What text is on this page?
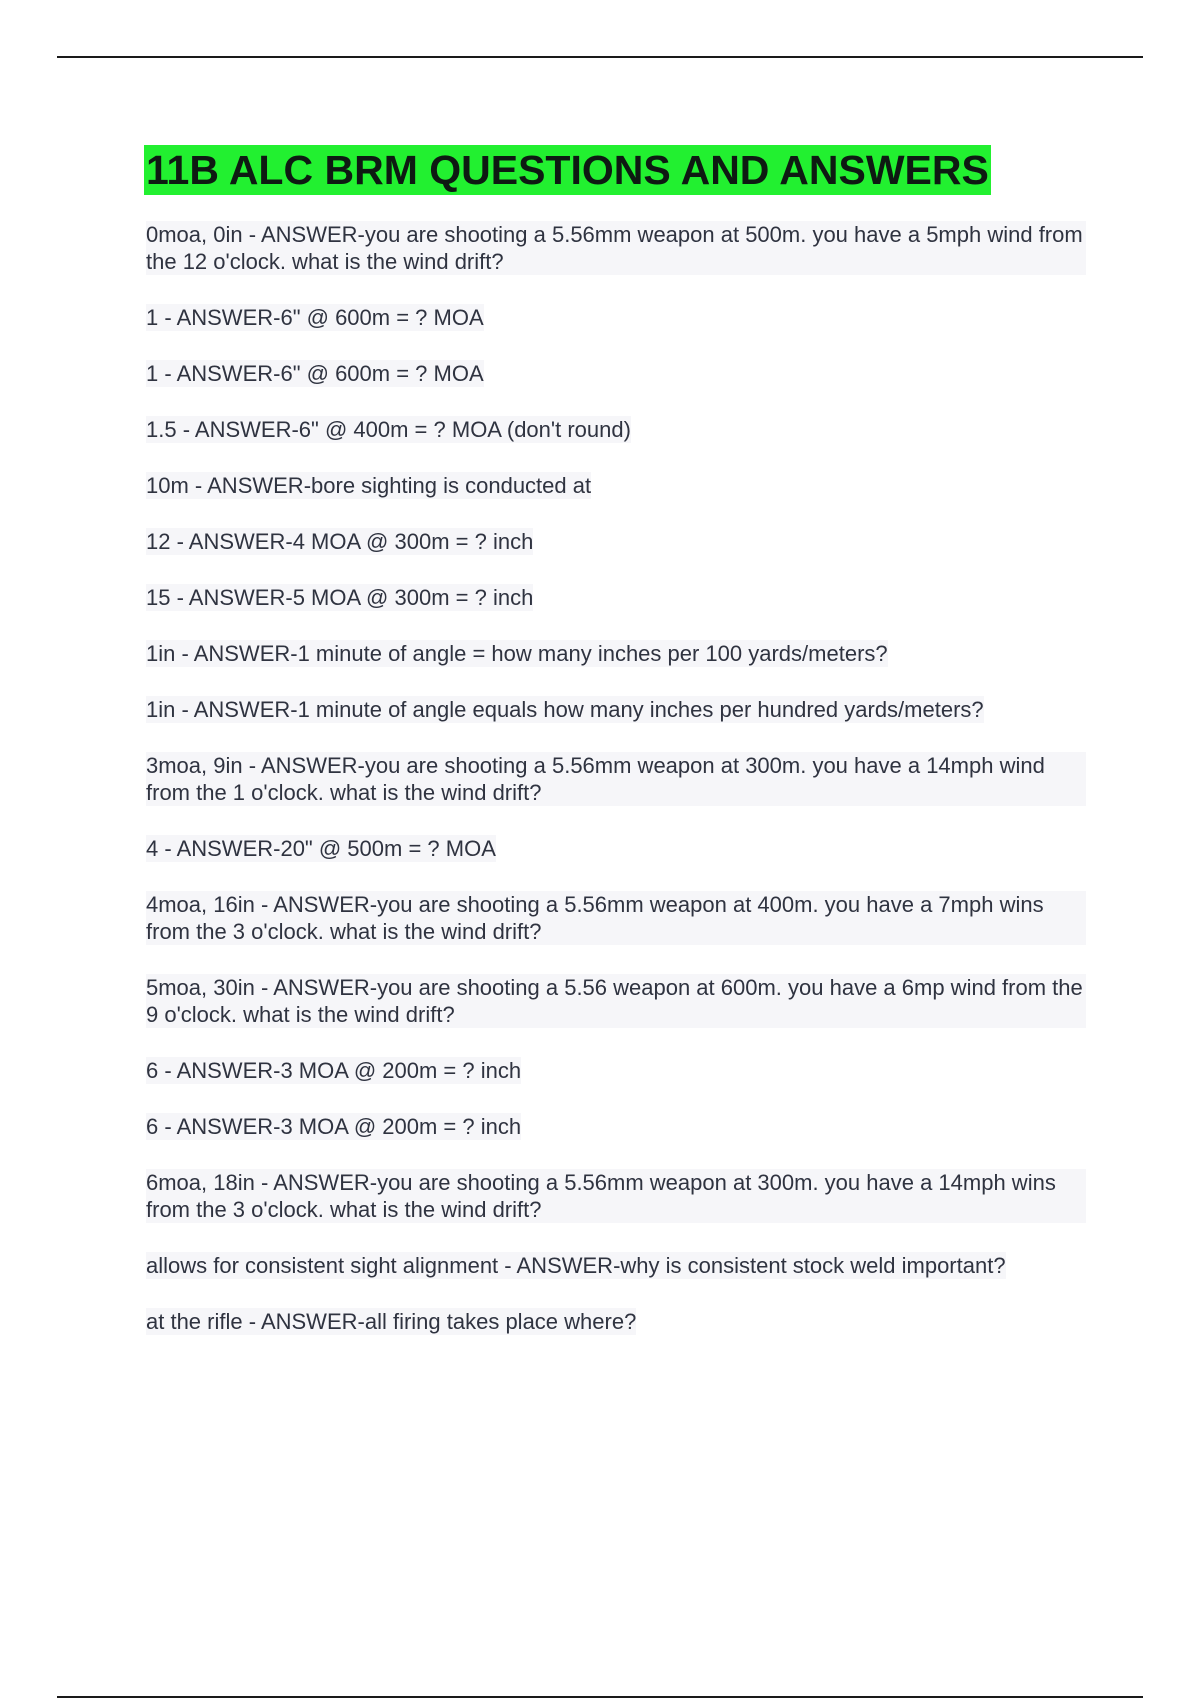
11B ALC BRM QUESTIONS AND ANSWERS
0moa, 0in - ANSWER-you are shooting a 5.56mm weapon at 500m. you have a 5mph wind from the 12 o'clock. what is the wind drift?
1 - ANSWER-6" @ 600m = ? MOA
1 - ANSWER-6" @ 600m = ? MOA
1.5 - ANSWER-6" @ 400m = ? MOA (don't round)
10m - ANSWER-bore sighting is conducted at
12 - ANSWER-4 MOA @ 300m = ? inch
15 - ANSWER-5 MOA @ 300m = ? inch
1in - ANSWER-1 minute of angle = how many inches per 100 yards/meters?
1in - ANSWER-1 minute of angle equals how many inches per hundred yards/meters?
3moa, 9in - ANSWER-you are shooting a 5.56mm weapon at 300m. you have a 14mph wind from the 1 o'clock. what is the wind drift?
4 - ANSWER-20" @ 500m = ? MOA
4moa, 16in - ANSWER-you are shooting a 5.56mm weapon at 400m. you have a 7mph wins from the 3 o'clock. what is the wind drift?
5moa, 30in - ANSWER-you are shooting a 5.56 weapon at 600m. you have a 6mp wind from the 9 o'clock. what is the wind drift?
6 - ANSWER-3 MOA @ 200m = ? inch
6 - ANSWER-3 MOA @ 200m = ? inch
6moa, 18in - ANSWER-you are shooting a 5.56mm weapon at 300m. you have a 14mph wins from the 3 o'clock. what is the wind drift?
allows for consistent sight alignment - ANSWER-why is consistent stock weld important?
at the rifle - ANSWER-all firing takes place where?
